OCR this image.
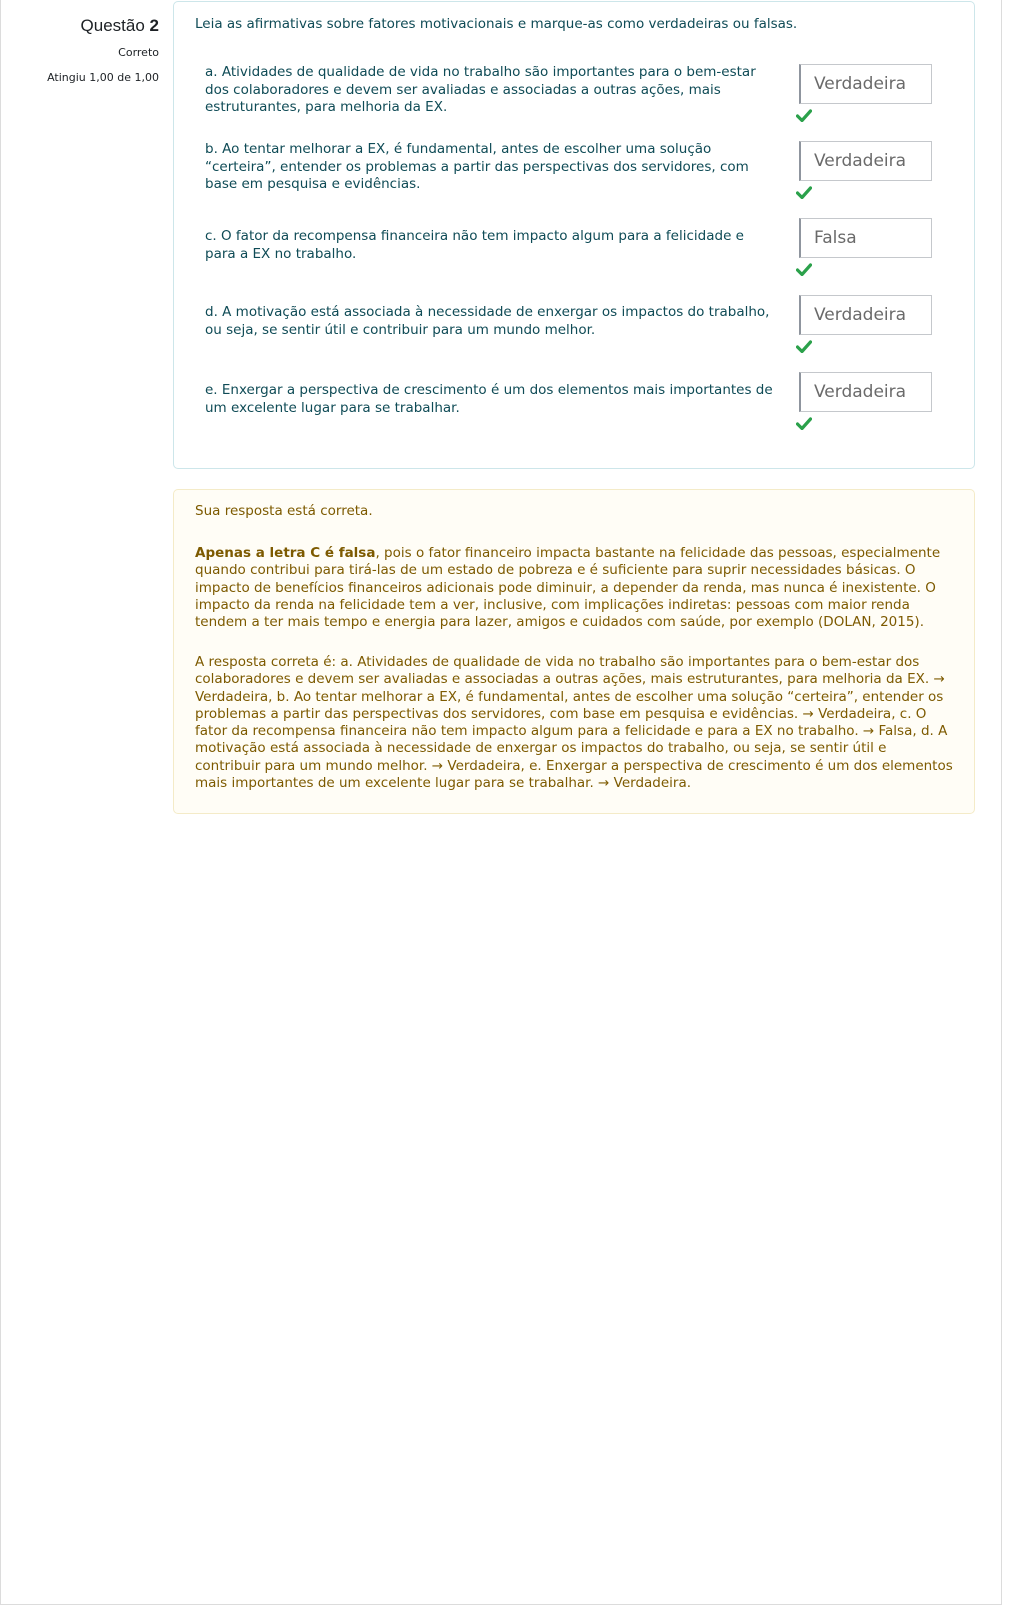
Questão 2
Correto
Atingiu 1,00 de 1,00

Leia as afirmativas sobre fatores motivacionais e marque-as como verdadeiras ou falsas.

a. Atividades de qualidade de vida no trabalho são importantes para o bem-estar dos colaboradores e devem ser avaliadas e associadas a outras ações, mais estruturantes, para melhoria da EX.

Verdadeira

b. Ao tentar melhorar a EX, é fundamental, antes de escolher uma solução “certeira”, entender os problemas a partir das perspectivas dos servidores, com base em pesquisa e evidências.

Verdadeira

c. O fator da recompensa financeira não tem impacto algum para a felicidade e para a EX no trabalho.

Falsa

d. A motivação está associada à necessidade de enxergar os impactos do trabalho, ou seja, se sentir útil e contribuir para um mundo melhor.

Verdadeira

e. Enxergar a perspectiva de crescimento é um dos elementos mais importantes de um excelente lugar para se trabalhar.

Verdadeira

Sua resposta está correta.

Apenas a letra C é falsa, pois o fator financeiro impacta bastante na felicidade das pessoas, especialmente quando contribui para tirá-las de um estado de pobreza e é suficiente para suprir necessidades básicas. O impacto de benefícios financeiros adicionais pode diminuir, a depender da renda, mas nunca é inexistente. O impacto da renda na felicidade tem a ver, inclusive, com implicações indiretas: pessoas com maior renda tendem a ter mais tempo e energia para lazer, amigos e cuidados com saúde, por exemplo (DOLAN, 2015).

A resposta correta é: a. Atividades de qualidade de vida no trabalho são importantes para o bem-estar dos colaboradores e devem ser avaliadas e associadas a outras ações, mais estruturantes, para melhoria da EX. → Verdadeira, b. Ao tentar melhorar a EX, é fundamental, antes de escolher uma solução “certeira”, entender os problemas a partir das perspectivas dos servidores, com base em pesquisa e evidências. → Verdadeira, c. O fator da recompensa financeira não tem impacto algum para a felicidade e para a EX no trabalho. → Falsa, d. A motivação está associada à necessidade de enxergar os impactos do trabalho, ou seja, se sentir útil e contribuir para um mundo melhor. → Verdadeira, e. Enxergar a perspectiva de crescimento é um dos elementos mais importantes de um excelente lugar para se trabalhar. → Verdadeira.
